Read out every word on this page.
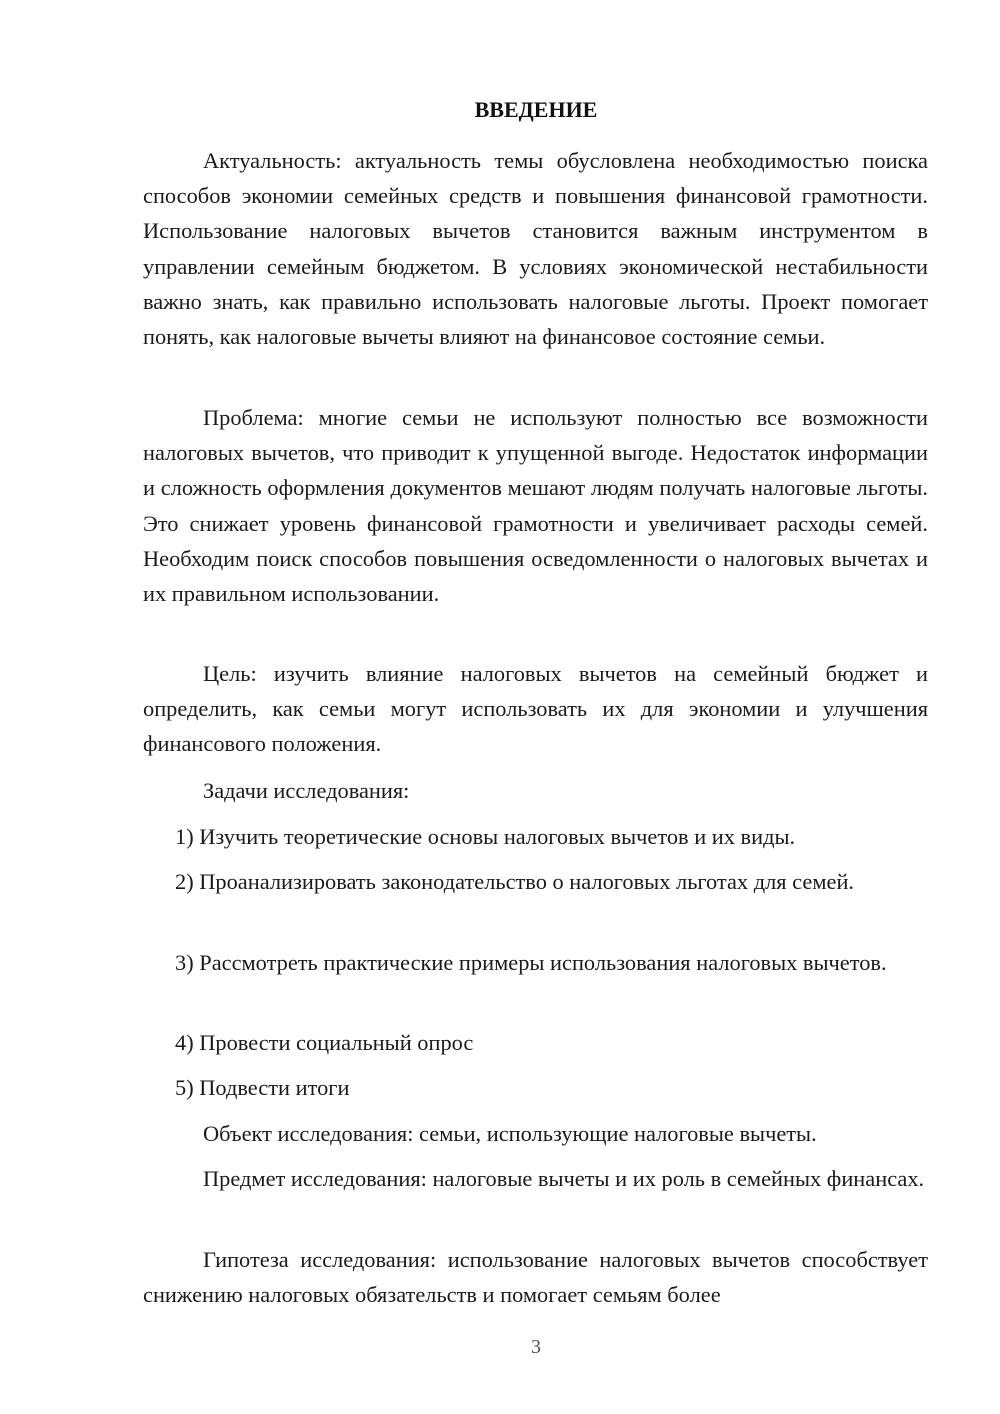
ВВЕДЕНИЕ

Актуальность: актуальность темы обусловлена необходимостью поиска способов экономии семейных средств и повышения финансовой грамотности. Использование налоговых вычетов становится важным инструментом в управлении семейным бюджетом. В условиях экономической нестабильности важно знать, как правильно использовать налоговые льготы. Проект помогает понять, как налоговые вычеты влияют на финансовое состояние семьи.

Проблема: многие семьи не используют полностью все возможности налоговых вычетов, что приводит к упущенной выгоде. Недостаток информации и сложность оформления документов мешают людям получать налоговые льготы. Это снижает уровень финансовой грамотности и увеличивает расходы семей. Необходим поиск способов повышения осведомленности о налоговых вычетах и их правильном использовании.

Цель: изучить влияние налоговых вычетов на семейный бюджет и определить, как семьи могут использовать их для экономии и улучшения финансового положения.

Задачи исследования:

1) Изучить теоретические основы налоговых вычетов и их виды.

2) Проанализировать законодательство о налоговых льготах для семей.

3) Рассмотреть практические примеры использования налоговых вычетов.

4) Провести социальный опрос

5) Подвести итоги

Объект исследования: семьи, использующие налоговые вычеты.

Предмет исследования: налоговые вычеты и их роль в семейных финансах.

Гипотеза исследования: использование налоговых вычетов способствует снижению налоговых обязательств и помогает семьям более

3
